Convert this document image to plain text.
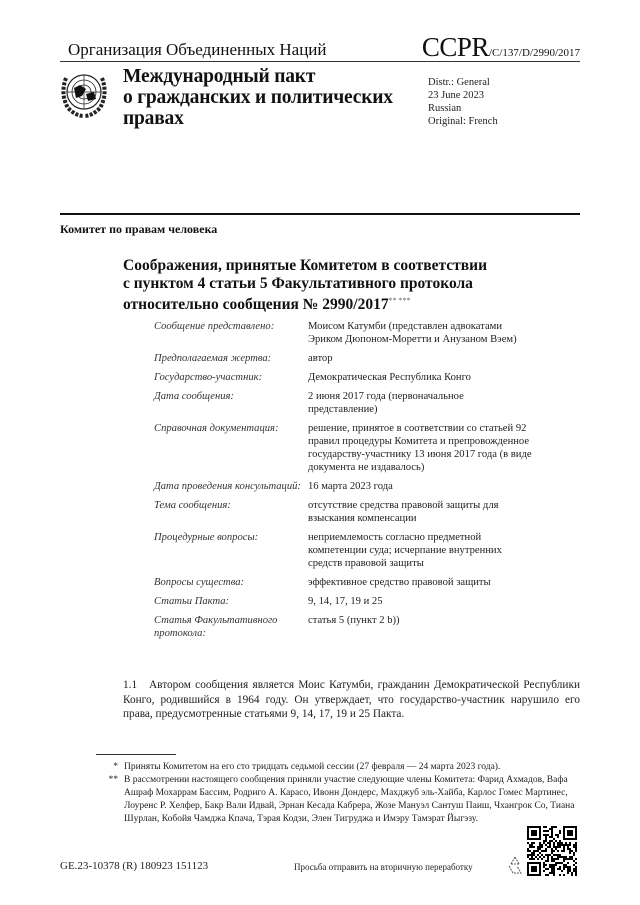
Организация Объединенных Наций	CCPR/C/137/D/2990/2017
Международный пакт
о гражданских и политических
правах
Distr.: General
23 June 2023
Russian
Original: French
Комитет по правам человека
Соображения, принятые Комитетом в соответствии
с пунктом 4 статьи 5 Факультативного протокола
относительно сообщения № 2990/2017** ***
Сообщение представлено:	Моисом Катумби (представлен адвокатами Эриком Дюпоном-Моретти и Анузаном Вэем)
Предполагаемая жертва:	автор
Государство-участник:	Демократическая Республика Конго
Дата сообщения:	2 июня 2017 года (первоначальное представление)
Справочная документация:	решение, принятое в соответствии со статьей 92 правил процедуры Комитета и препровожденное государству-участнику 13 июня 2017 года (в виде документа не издавалось)
Дата проведения консультаций: 16 марта 2023 года
Тема сообщения:	отсутствие средства правовой защиты для взыскания компенсации
Процедурные вопросы:	неприемлемость согласно предметной компетенции суда; исчерпание внутренних средств правовой защиты
Вопросы существа:	эффективное средство правовой защиты
Статьи Пакта:	9, 14, 17, 19 и 25
Статья Факультативного протокола:
статья 5 (пункт 2 b))
1.1 Автором сообщения является Моис Катумби, гражданин Демократической Республики Конго, родившийся в 1964 году. Он утверждает, что государство-участник нарушило его права, предусмотренные статьями 9, 14, 17, 19 и 25 Пакта.
* Приняты Комитетом на его сто тридцать седьмой сессии (27 февраля — 24 марта 2023 года).
** В рассмотрении настоящего сообщения приняли участие следующие члены Комитета: Фарид Ахмадов, Вафа Ашраф Мохаррам Бассим, Родриго А. Карасо, Ивонн Дондерс, Махджуб эль-Хайба, Карлос Гомес Мартинес, Лоуренс Р. Хелфер, Бакр Вали Идвай, Эрнан Кесада Кабрера, Жозе Мануэл Сантуш Паиш, Чхангрок Со, Тиана Шурлан, Кобойя Чамджа Кпача, Тэрая Кодзи, Элен Тигруджа и Имэру Тамэрат Йыгэзу.
GE.23-10378 (R) 180923 151123	Просьба отправить на вторичную переработку
